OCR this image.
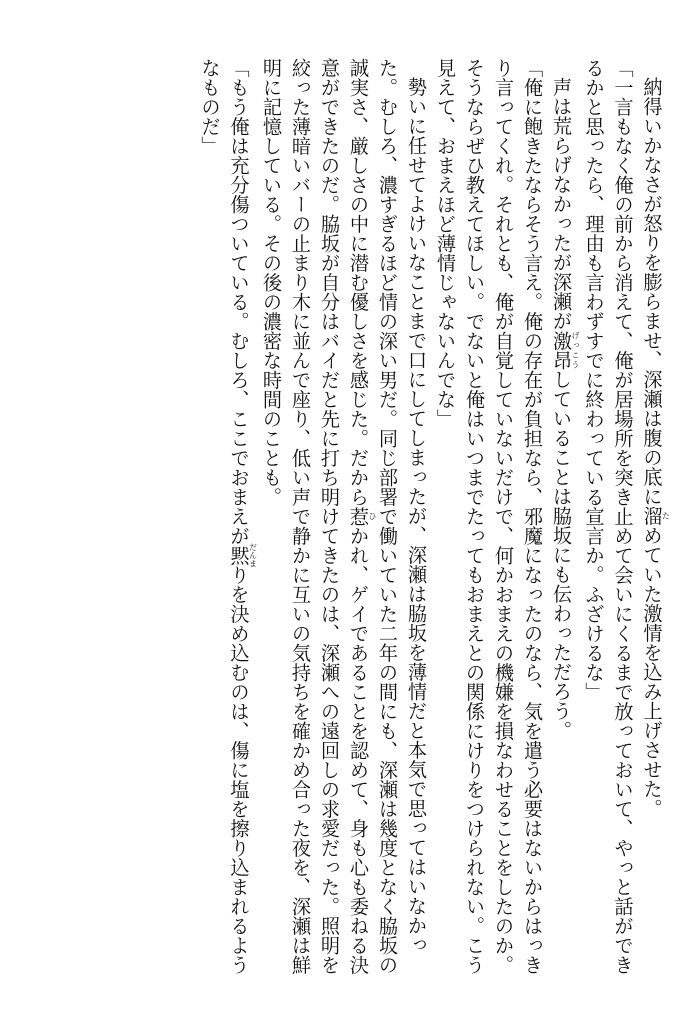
納得いかなさが怒りを膨らませ、深瀬は腹の底に溜ためていた激情を込み上げさせた。

「一言もなく俺の前から消えて、俺が居場所を突き止めて会いにくるまで放っておいて、やっと話ができるかと思ったら、理由も言わずすでに終わっている宣言か。ふざけるな」

声は荒らげなかったが深瀬が激昂げっこうしていることは脇坂にも伝わっただろう。

「俺に飽きたならそう言え。俺の存在が負担なら、邪魔になったのなら、気を遣う必要はないからはっきり言ってくれ。それとも、俺が自覚していないだけで、何かおまえの機嫌を損なわせることをしたのか。そうならぜひ教えてほしい。でないと俺はいつまでたってもおまえとの関係にけりをつけられない。こう見えて、おまえほど薄情じゃないんでな」

勢いに任せてよけいなことまで口にしてしまったが、深瀬は脇坂を薄情だと本気で思ってはいなかった。むしろ、濃すぎるほど情の深い男だ。同じ部署で働いていた二年の間にも、深瀬は幾度となく脇坂の誠実さ、厳しさの中に潜む優しさを感じた。だから惹ひかれ、ゲイであることを認めて、身も心も委ねる決意ができたのだ。脇坂が自分はバイだと先に打ち明けてきたのは、深瀬への遠回しの求愛だった。照明を絞った薄暗いバーの止まり木に並んで座り、低い声で静かに互いの気持ちを確かめ合った夜を、深瀬は鮮明に記憶している。その後の濃密な時間のことも。

「もう俺は充分傷ついている。むしろ、ここでおまえが黙だんまりを決め込むのは、傷に塩を擦り込まれるようなものだ」
